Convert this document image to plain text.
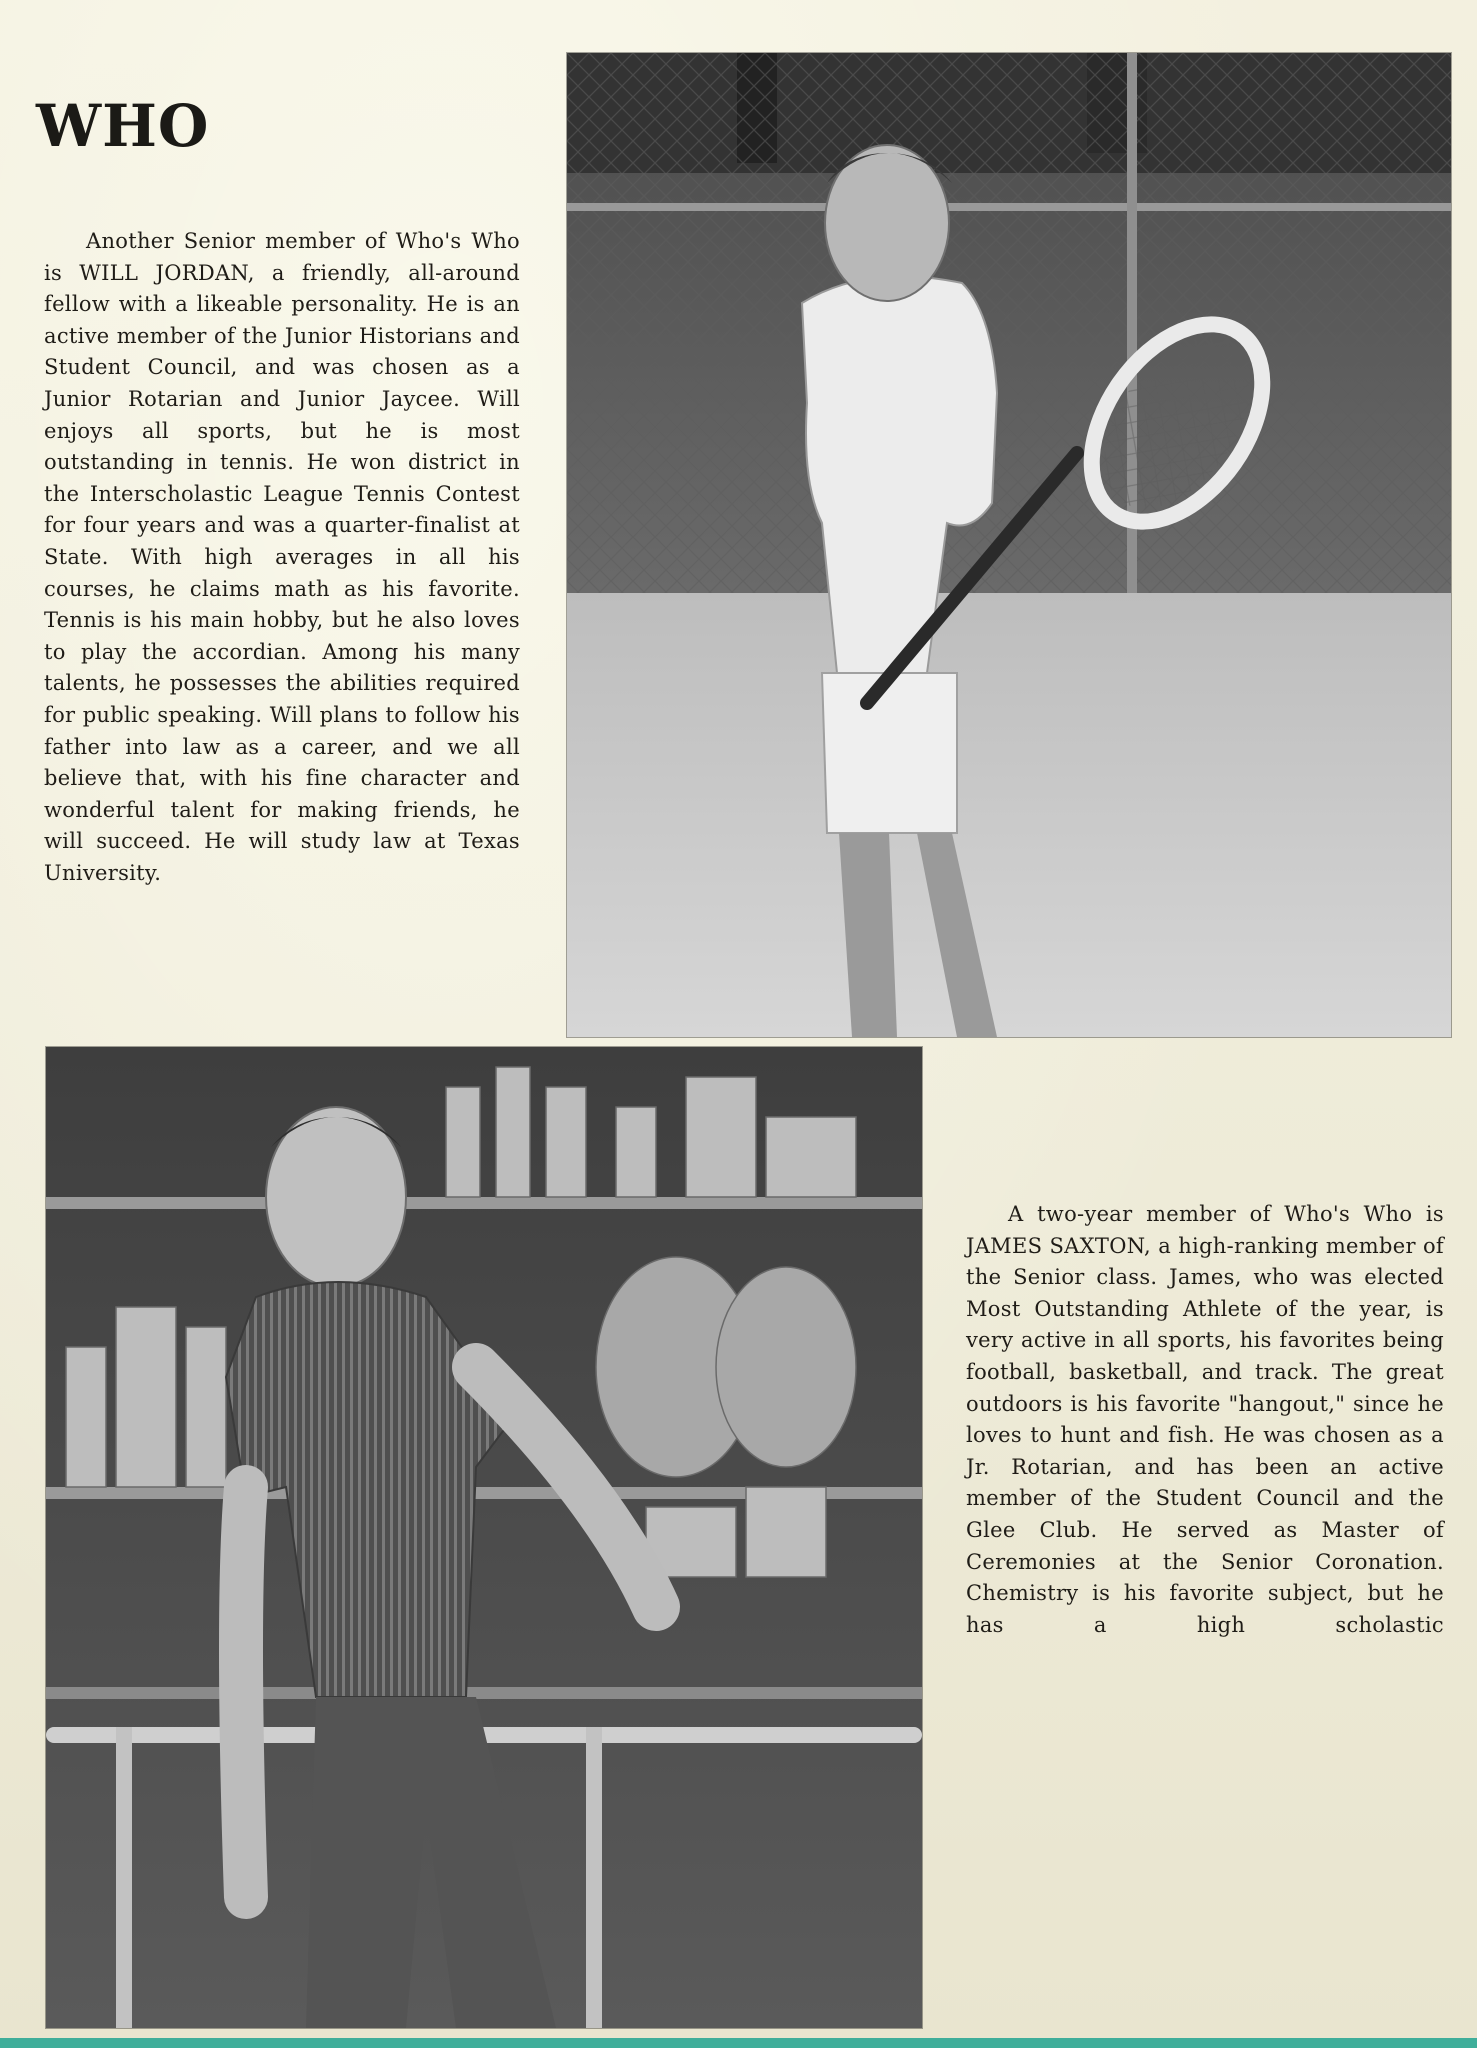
WHO

Another Senior member of Who's Who is WILL JORDAN, a friendly, all-around fellow with a likeable personality. He is an active member of the Junior Historians and Student Council, and was chosen as a Junior Rotarian and Junior Jaycee. Will enjoys all sports, but he is most outstanding in tennis. He won district in the Interscholastic League Tennis Contest for four years and was a quarter-finalist at State. With high averages in all his courses, he claims math as his favorite. Tennis is his main hobby, but he also loves to play the accordian. Among his many talents, he possesses the abilities required for public speaking. Will plans to follow his father into law as a career, and we all believe that, with his fine character and wonderful talent for making friends, he will succeed. He will study law at Texas University.

A two-year member of Who's Who is JAMES SAXTON, a high-ranking member of the Senior class. James, who was elected Most Outstanding Athlete of the year, is very active in all sports, his favorites being football, basketball, and track. The great outdoors is his favorite "hangout," since he loves to hunt and fish. He was chosen as a Jr. Rotarian, and has been an active member of the Student Council and the Glee Club. He served as Master of Ceremonies at the Senior Coronation. Chemistry is his favorite subject, but he has a high scholastic
